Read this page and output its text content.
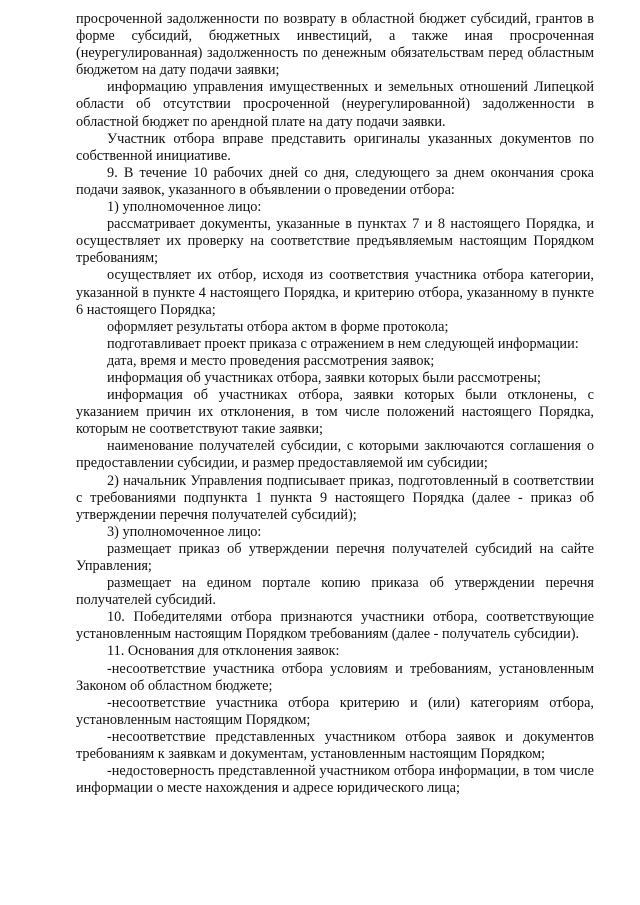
просроченной задолженности по возврату в областной бюджет субсидий, грантов в форме субсидий, бюджетных инвестиций, а также иная просроченная (неурегулированная) задолженность по денежным обязательствам перед областным бюджетом на дату подачи заявки;

информацию управления имущественных и земельных отношений Липецкой области об отсутствии просроченной (неурегулированной) задолженности в областной бюджет по арендной плате на дату подачи заявки.

Участник отбора вправе представить оригиналы указанных документов по собственной инициативе.

9. В течение 10 рабочих дней со дня, следующего за днем окончания срока подачи заявок, указанного в объявлении о проведении отбора:

1) уполномоченное лицо:

рассматривает документы, указанные в пунктах 7 и 8 настоящего Порядка, и осуществляет их проверку на соответствие предъявляемым настоящим Порядком требованиям;

осуществляет их отбор, исходя из соответствия участника отбора категории, указанной в пункте 4 настоящего Порядка, и критерию отбора, указанному в пункте 6 настоящего Порядка;

оформляет результаты отбора актом в форме протокола;

подготавливает проект приказа с отражением в нем следующей информации:

дата, время и место проведения рассмотрения заявок;

информация об участниках отбора, заявки которых были рассмотрены;

информация об участниках отбора, заявки которых были отклонены, с указанием причин их отклонения, в том числе положений настоящего Порядка, которым не соответствуют такие заявки;

наименование получателей субсидии, с которыми заключаются соглашения о предоставлении субсидии, и размер предоставляемой им субсидии;

2) начальник Управления подписывает приказ, подготовленный в соответствии с требованиями подпункта 1 пункта 9 настоящего Порядка (далее - приказ об утверждении перечня получателей субсидий);

3) уполномоченное лицо:

размещает приказ об утверждении перечня получателей субсидий на сайте Управления;

размещает на едином портале копию приказа об утверждении перечня получателей субсидий.

10. Победителями отбора признаются участники отбора, соответствующие установленным настоящим Порядком требованиям (далее - получатель субсидии).

11. Основания для отклонения заявок:

-несоответствие участника отбора условиям и требованиям, установленным Законом об областном бюджете;

-несоответствие участника отбора критерию и (или) категориям отбора, установленным настоящим Порядком;

-несоответствие представленных участником отбора заявок и документов требованиям к заявкам и документам, установленным настоящим Порядком;

-недостоверность представленной участником отбора информации, в том числе информации о месте нахождения и адресе юридического лица;
